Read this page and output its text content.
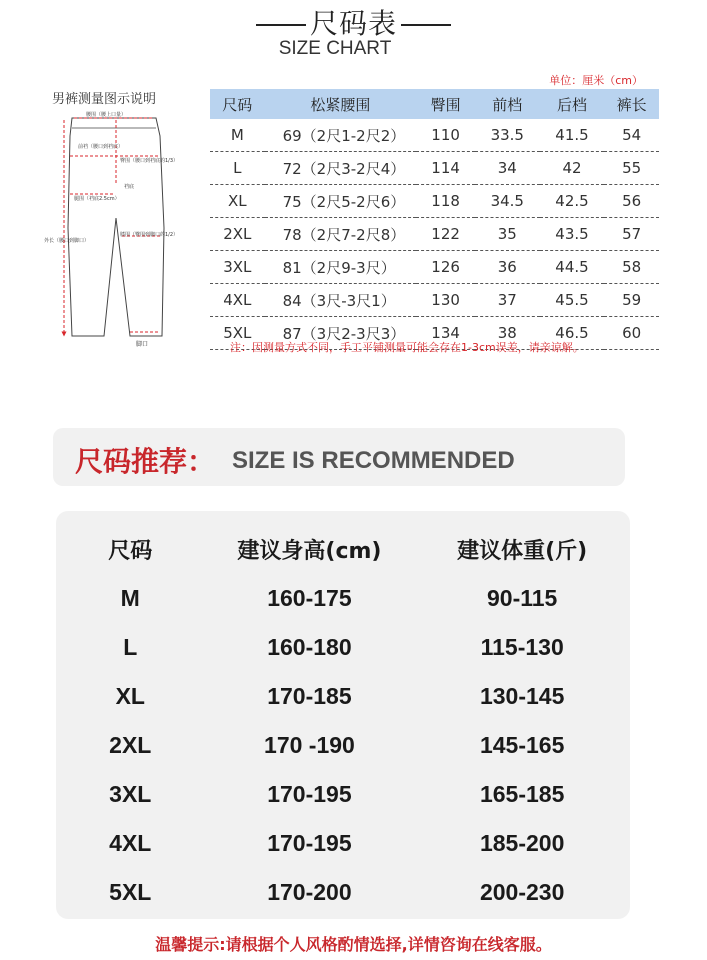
尺码表
SIZE CHART
单位：厘米（cm）
男裤测量图示说明
腰围（腰上口量）
前裆（腰口到裆底）
臀围（腰口到裆底的1/3）
裆底
腿围（裆底2.5cm）
外长（腰口到脚口）
膝围（臀围到脚口的1/2）
脚口
尺码	松紧腰围	臀围	前档	后档	裤长
M	69（2尺1-2尺2）	110	33.5	41.5	54
L	72（2尺3-2尺4）	114	34	42	55
XL	75（2尺5-2尺6）	118	34.5	42.5	56
2XL	78（2尺7-2尺8）	122	35	43.5	57
3XL	81（2尺9-3尺）	126	36	44.5	58
4XL	84（3尺-3尺1）	130	37	45.5	59
5XL	87（3尺2-3尺3）	134	38	46.5	60
注：因测量方式不同，手工平铺测量可能会存在1-3cm误差，请亲谅解。
尺码推荐： SIZE IS RECOMMENDED
尺码	建议身高(cm)	建议体重(斤)
M	160-175	90-115
L	160-180	115-130
XL	170-185	130-145
2XL	170 -190	145-165
3XL	170-195	165-185
4XL	170-195	185-200
5XL	170-200	200-230
温馨提示:请根据个人风格酌情选择,详情咨询在线客服。
